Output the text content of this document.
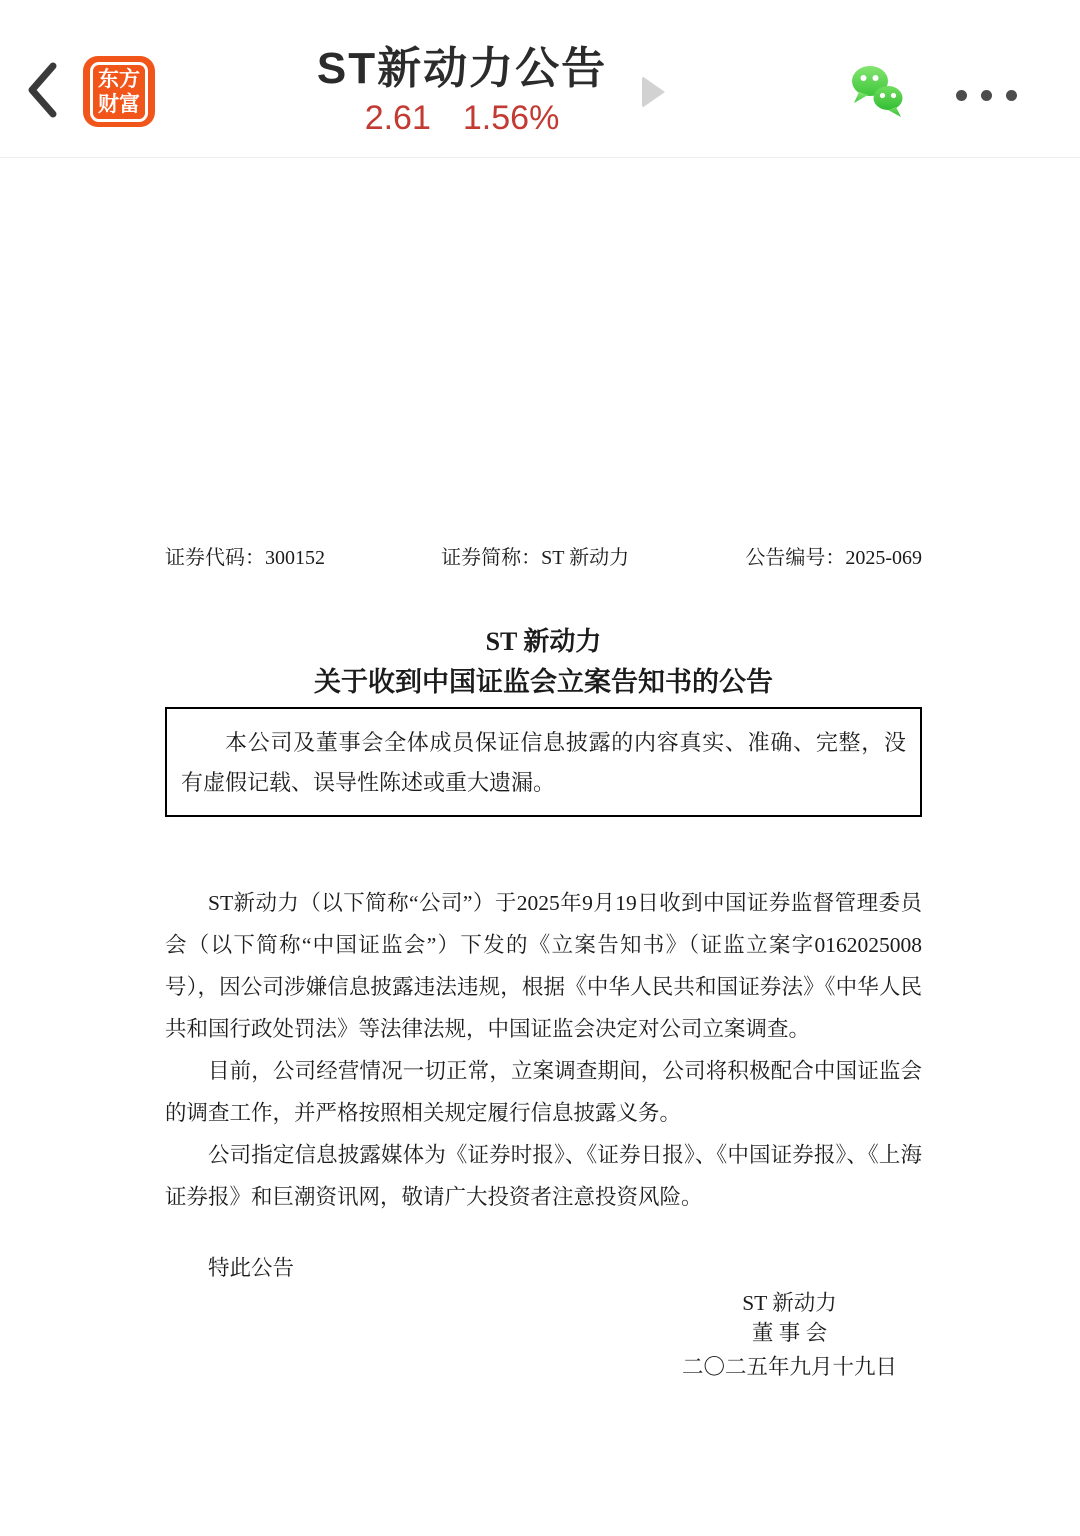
东方
财富
ST新动力公告
2.61 1.56%
证券代码：300152	证券简称：ST 新动力	公告编号：2025-069
ST 新动力
关于收到中国证监会立案告知书的公告

本公司及董事会全体成员保证信息披露的内容真实、准确、完整，没有虚假记载、误导性陈述或重大遗漏。

ST新动力（以下简称“公司”）于2025年9月19日收到中国证券监督管理委员会（以下简称“中国证监会”）下发的《立案告知书》（证监立案字0162025008号），因公司涉嫌信息披露违法违规，根据《中华人民共和国证券法》《中华人民共和国行政处罚法》等法律法规，中国证监会决定对公司立案调查。

目前，公司经营情况一切正常，立案调查期间，公司将积极配合中国证监会的调查工作，并严格按照相关规定履行信息披露义务。

公司指定信息披露媒体为《证券时报》、《证券日报》、《中国证券报》、《上海证券报》和巨潮资讯网，敬请广大投资者注意投资风险。

特此公告

ST 新动力
董 事 会
二〇二五年九月十九日
